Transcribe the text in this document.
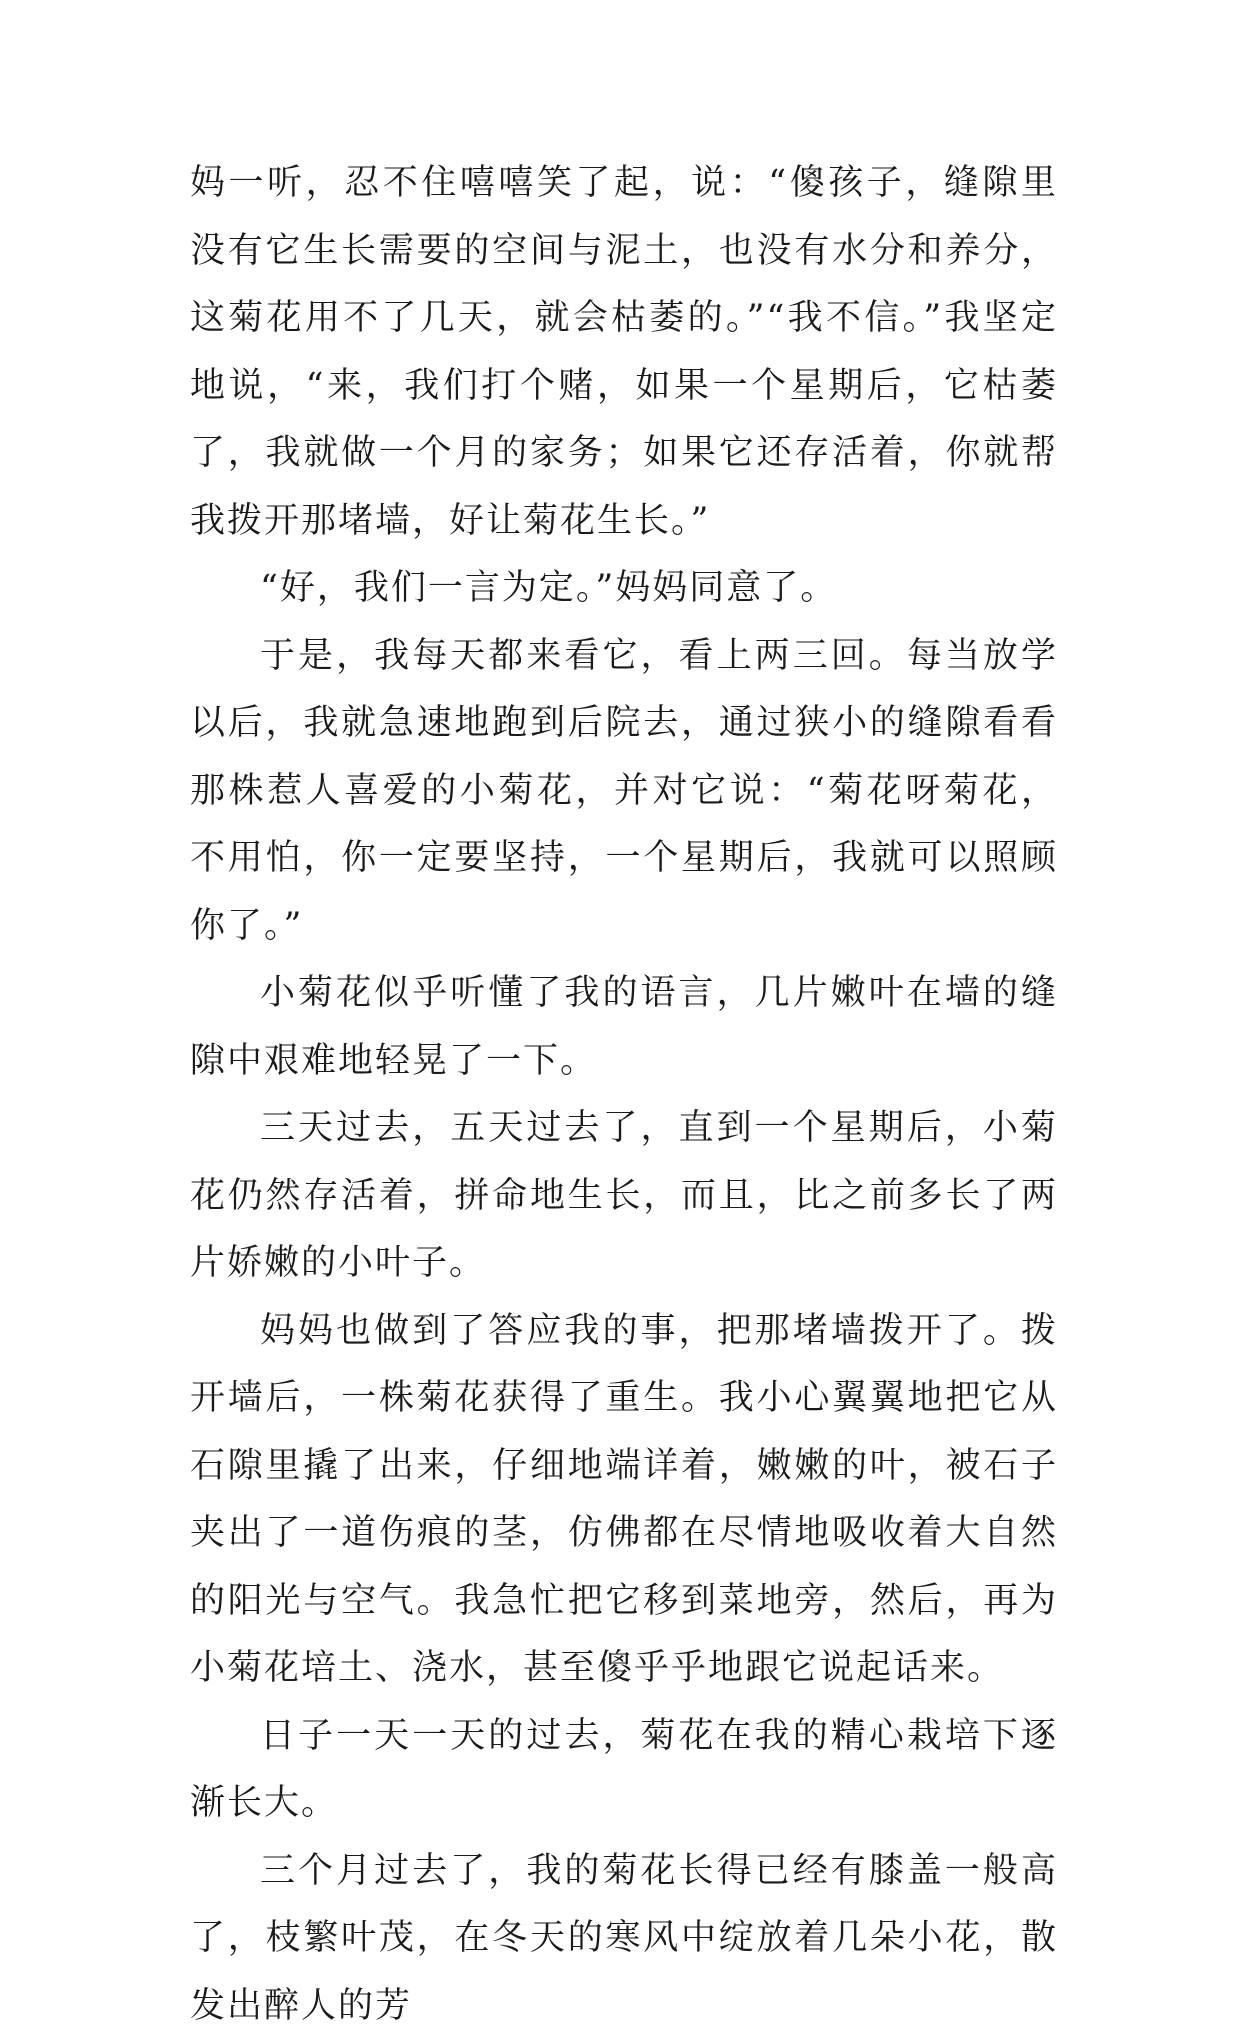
妈一听，忍不住嘻嘻笑了起，说：“傻孩子，缝隙里没有它生长需要的空间与泥土，也没有水分和养分，这菊花用不了几天，就会枯萎的。”“我不信。”我坚定地说，“来，我们打个赌，如果一个星期后，它枯萎了，我就做一个月的家务；如果它还存活着，你就帮我拨开那堵墙，好让菊花生长。”

“好，我们一言为定。”妈妈同意了。

于是，我每天都来看它，看上两三回。每当放学以后，我就急速地跑到后院去，通过狭小的缝隙看看那株惹人喜爱的小菊花，并对它说：“菊花呀菊花，不用怕，你一定要坚持，一个星期后，我就可以照顾你了。”

小菊花似乎听懂了我的语言，几片嫩叶在墙的缝隙中艰难地轻晃了一下。

三天过去，五天过去了，直到一个星期后，小菊花仍然存活着，拼命地生长，而且，比之前多长了两片娇嫩的小叶子。

妈妈也做到了答应我的事，把那堵墙拨开了。拨开墙后，一株菊花获得了重生。我小心翼翼地把它从石隙里撬了出来，仔细地端详着，嫩嫩的叶，被石子夹出了一道伤痕的茎，仿佛都在尽情地吸收着大自然的阳光与空气。我急忙把它移到菜地旁，然后，再为小菊花培土、浇水，甚至傻乎乎地跟它说起话来。

日子一天一天的过去，菊花在我的精心栽培下逐渐长大。

三个月过去了，我的菊花长得已经有膝盖一般高了，枝繁叶茂，在冬天的寒风中绽放着几朵小花，散发出醉人的芳
